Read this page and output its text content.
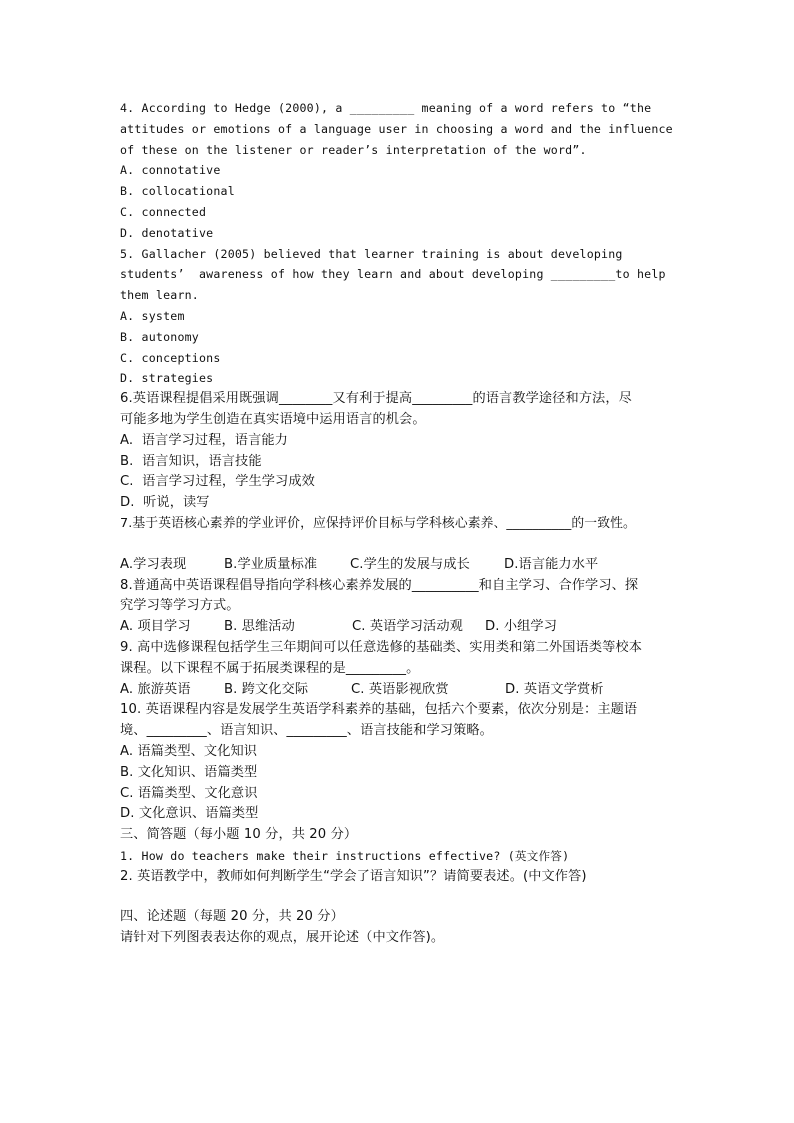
4. According to Hedge (2000), a _________ meaning of a word refers to “the

attitudes or emotions of a language user in choosing a word and the influence

of these on the listener or reader’s interpretation of the word”.

A. connotative

B. collocational

C. connected

D. denotative

5. Gallacher (2005) believed that learner training is about developing

students’  awareness of how they learn and about developing _________to help

them learn.

A. system

B. autonomy

C. conceptions

D. strategies

6.英语课程提倡采用既强调________又有利于提高_________的语言教学途径和方法，尽

可能多地为学生创造在真实语境中运用语言的机会。

A.  语言学习过程，语言能力

B.  语言知识，语言技能

C.  语言学习过程，学生学习成效

D.  听说，读写

7.基于英语核心素养的学业评价，应保持评价目标与学科核心素养、__________的一致性。

A.学习表现	B.学业质量标准	C.学生的发展与成长	D.语言能力水平

8.普通高中英语课程倡导指向学科核心素养发展的__________和自主学习、合作学习、探

究学习等学习方式。

A. 项目学习	B. 思维活动	C. 英语学习活动观	D. 小组学习

9. 高中选修课程包括学生三年期间可以任意选修的基础类、实用类和第二外国语类等校本

课程。以下课程不属于拓展类课程的是_________。

A. 旅游英语	B. 跨文化交际	C. 英语影视欣赏	D. 英语文学赏析

10. 英语课程内容是发展学生英语学科素养的基础，包括六个要素，依次分别是：主题语

境、_________、语言知识、_________、语言技能和学习策略。

A. 语篇类型、文化知识

B. 文化知识、语篇类型

C. 语篇类型、文化意识

D. 文化意识、语篇类型

三、简答题（每小题 10 分，共 20 分）

1. How do teachers make their instructions effective? (英文作答)

2. 英语教学中，教师如何判断学生“学会了语言知识”？请简要表述。(中文作答)

四、论述题（每题 20 分，共 20 分）

请针对下列图表表达你的观点，展开论述（中文作答)。
